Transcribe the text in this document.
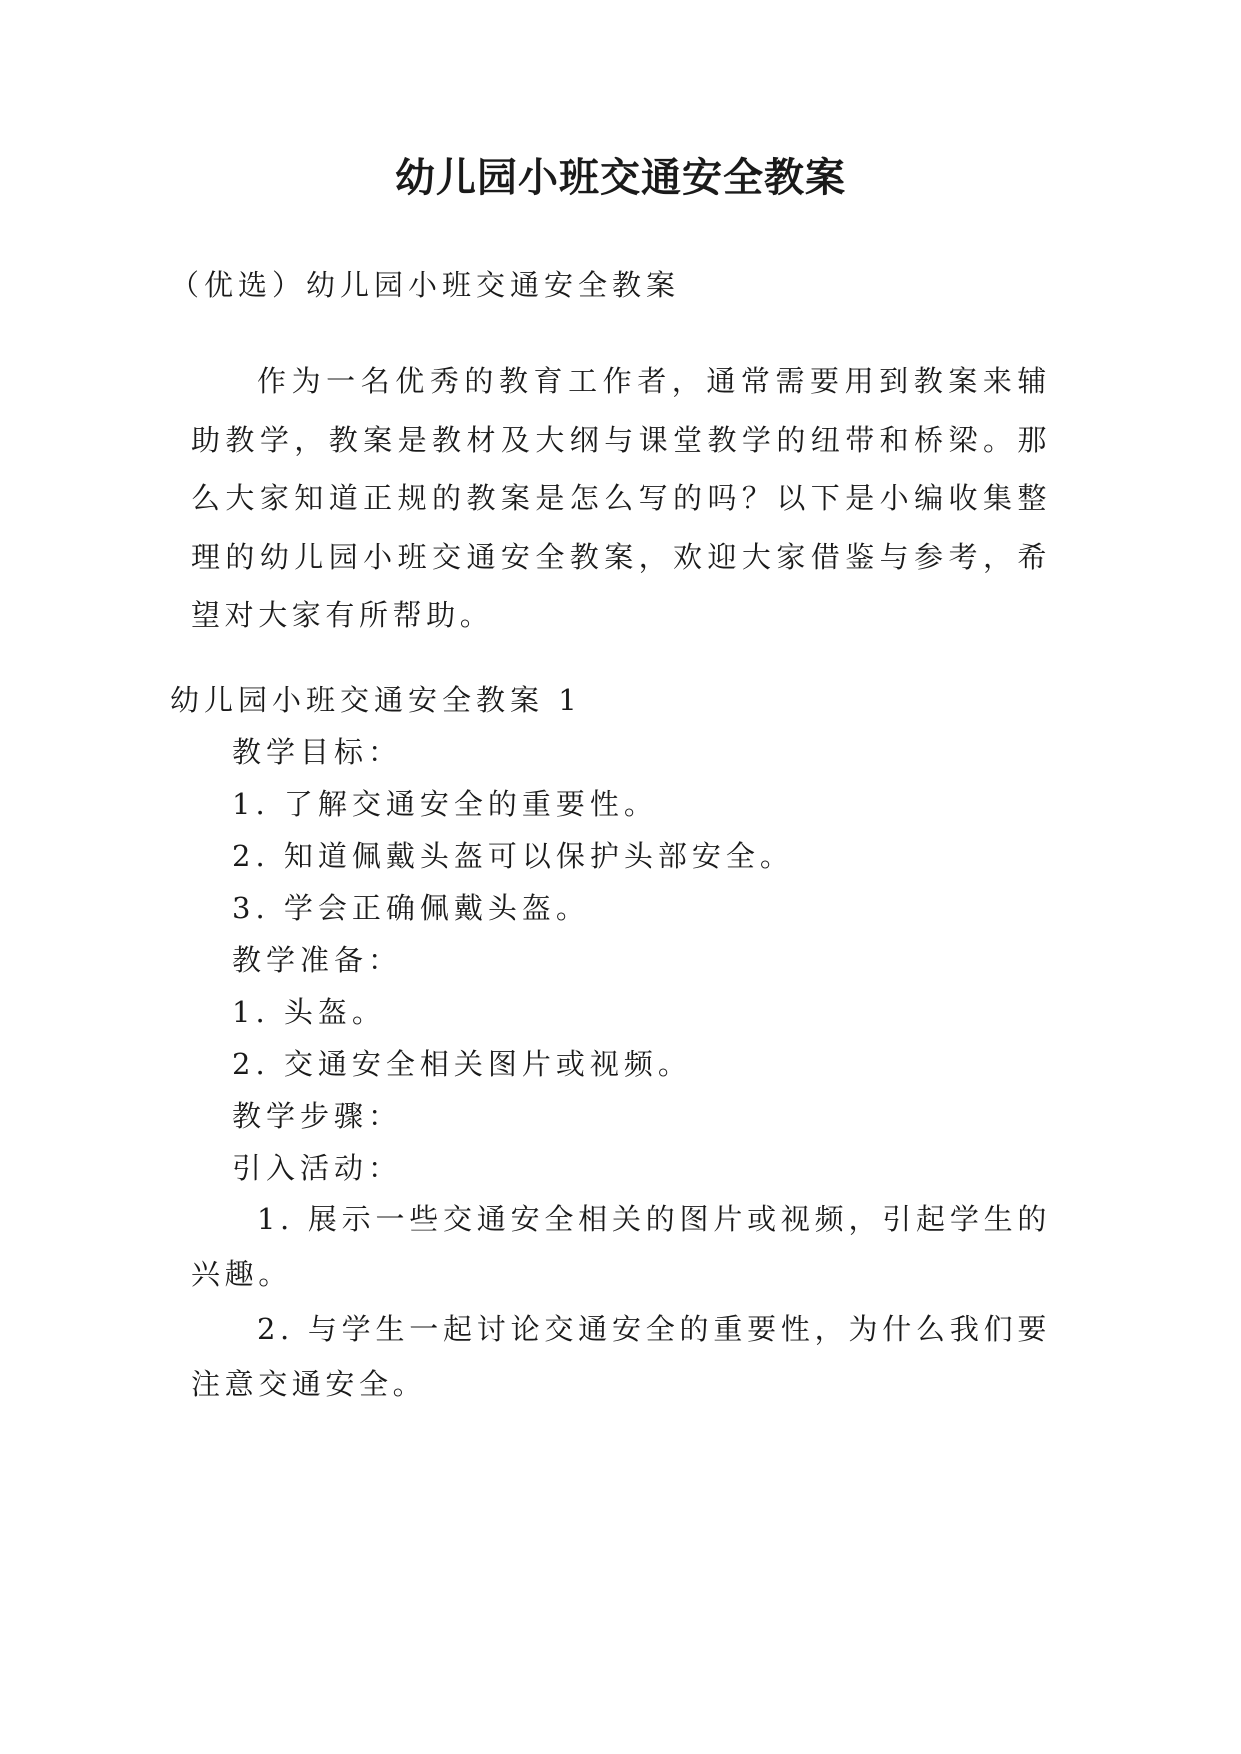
幼儿园小班交通安全教案
（优选）幼儿园小班交通安全教案

作为一名优秀的教育工作者，通常需要用到教案来辅助教学，教案是教材及大纲与课堂教学的纽带和桥梁。那么大家知道正规的教案是怎么写的吗？以下是小编收集整理的幼儿园小班交通安全教案，欢迎大家借鉴与参考，希望对大家有所帮助。

幼儿园小班交通安全教案 1
教学目标：
1. 了解交通安全的重要性。
2. 知道佩戴头盔可以保护头部安全。
3. 学会正确佩戴头盔。
教学准备：
1. 头盔。
2. 交通安全相关图片或视频。
教学步骤：
引入活动：

1. 展示一些交通安全相关的图片或视频，引起学生的兴趣。

2. 与学生一起讨论交通安全的重要性，为什么我们要注意交通安全。
